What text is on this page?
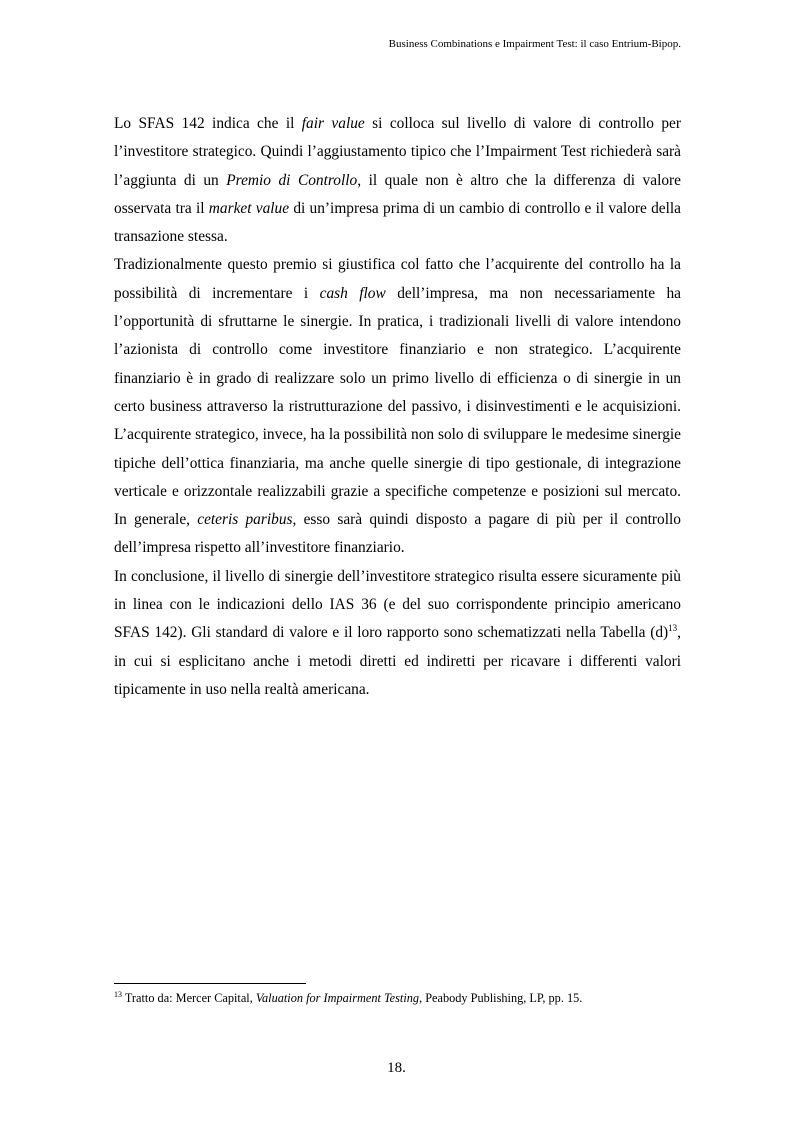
Business Combinations e Impairment Test: il caso Entrium-Bipop.

Lo SFAS 142 indica che il fair value si colloca sul livello di valore di controllo per l’investitore strategico. Quindi l’aggiustamento tipico che l’Impairment Test richiederà sarà l’aggiunta di un Premio di Controllo, il quale non è altro che la differenza di valore osservata tra il market value di un’impresa prima di un cambio di controllo e il valore della transazione stessa.

Tradizionalmente questo premio si giustifica col fatto che l’acquirente del controllo ha la possibilità di incrementare i cash flow dell’impresa, ma non necessariamente ha l’opportunità di sfruttarne le sinergie. In pratica, i tradizionali livelli di valore intendono l’azionista di controllo come investitore finanziario e non strategico. L’acquirente finanziario è in grado di realizzare solo un primo livello di efficienza o di sinergie in un certo business attraverso la ristrutturazione del passivo, i disinvestimenti e le acquisizioni. L’acquirente strategico, invece, ha la possibilità non solo di sviluppare le medesime sinergie tipiche dell’ottica finanziaria, ma anche quelle sinergie di tipo gestionale, di integrazione verticale e orizzontale realizzabili grazie a specifiche competenze e posizioni sul mercato. In generale, ceteris paribus, esso sarà quindi disposto a pagare di più per il controllo dell’impresa rispetto all’investitore finanziario.

In conclusione, il livello di sinergie dell’investitore strategico risulta essere sicuramente più in linea con le indicazioni dello IAS 36 (e del suo corrispondente principio americano SFAS 142). Gli standard di valore e il loro rapporto sono schematizzati nella Tabella $(d)^{13}$, in cui si esplicitano anche i metodi diretti ed indiretti per ricavare i differenti valori tipicamente in uso nella realtà americana.

$^{13}$ Tratto da: Mercer Capital, Valuation for Impairment Testing, Peabody Publishing, LP, pp. 15.
18.
